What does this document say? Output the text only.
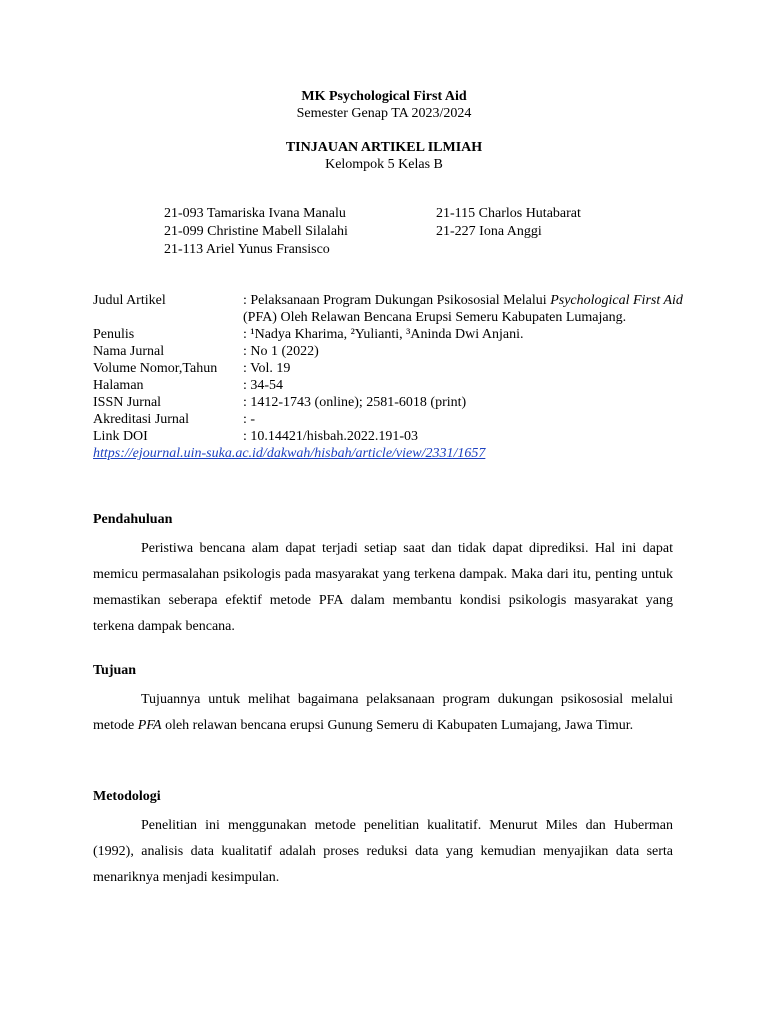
MK Psychological First Aid
Semester Genap TA 2023/2024
TINJAUAN ARTIKEL ILMIAH
Kelompok 5 Kelas B
21-093 Tamariska Ivana Manalu	21-115 Charlos Hutabarat
21-099 Christine Mabell Silalahi	21-227 Iona Anggi
21-113 Ariel Yunus Fransisco
Judul Artikel	: Pelaksanaan Program Dukungan Psikososial Melalui Psychological First Aid (PFA) Oleh Relawan Bencana Erupsi Semeru Kabupaten Lumajang.
Penulis	: ¹Nadya Kharima, ²Yulianti, ³Aninda Dwi Anjani.
Nama Jurnal	: No 1 (2022)
Volume Nomor,Tahun	: Vol. 19
Halaman	: 34-54
ISSN Jurnal	: 1412-1743 (online); 2581-6018 (print)
Akreditasi Jurnal	: -
Link DOI	: 10.14421/hisbah.2022.191-03
https://ejournal.uin-suka.ac.id/dakwah/hisbah/article/view/2331/1657
Pendahuluan

Peristiwa bencana alam dapat terjadi setiap saat dan tidak dapat diprediksi. Hal ini dapat memicu permasalahan psikologis pada masyarakat yang terkena dampak. Maka dari itu, penting untuk memastikan seberapa efektif metode PFA dalam membantu kondisi psikologis masyarakat yang terkena dampak bencana.

Tujuan

Tujuannya untuk melihat bagaimana pelaksanaan program dukungan psikososial melalui metode PFA oleh relawan bencana erupsi Gunung Semeru di Kabupaten Lumajang, Jawa Timur.

Metodologi

Penelitian ini menggunakan metode penelitian kualitatif. Menurut Miles dan Huberman (1992), analisis data kualitatif adalah proses reduksi data yang kemudian menyajikan data serta menariknya menjadi kesimpulan.
